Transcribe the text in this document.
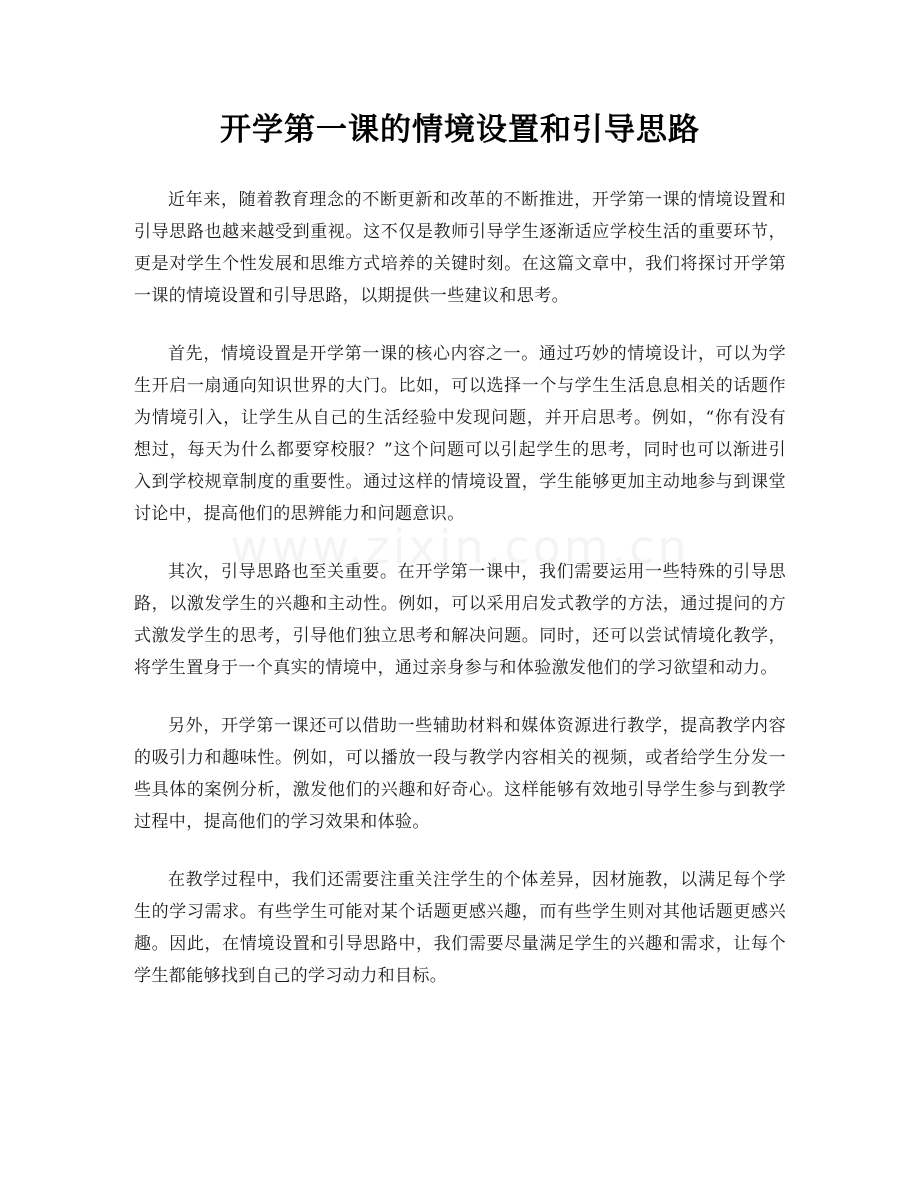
开学第一课的情境设置和引导思路

近年来，随着教育理念的不断更新和改革的不断推进，开学第一课的情境设置和引导思路也越来越受到重视。这不仅是教师引导学生逐渐适应学校生活的重要环节，更是对学生个性发展和思维方式培养的关键时刻。在这篇文章中，我们将探讨开学第一课的情境设置和引导思路，以期提供一些建议和思考。

首先，情境设置是开学第一课的核心内容之一。通过巧妙的情境设计，可以为学生开启一扇通向知识世界的大门。比如，可以选择一个与学生生活息息相关的话题作为情境引入，让学生从自己的生活经验中发现问题，并开启思考。例如，“你有没有想过，每天为什么都要穿校服？”这个问题可以引起学生的思考，同时也可以渐进引入到学校规章制度的重要性。通过这样的情境设置，学生能够更加主动地参与到课堂讨论中，提高他们的思辨能力和问题意识。

其次，引导思路也至关重要。在开学第一课中，我们需要运用一些特殊的引导思路，以激发学生的兴趣和主动性。例如，可以采用启发式教学的方法，通过提问的方式激发学生的思考，引导他们独立思考和解决问题。同时，还可以尝试情境化教学，将学生置身于一个真实的情境中，通过亲身参与和体验激发他们的学习欲望和动力。

另外，开学第一课还可以借助一些辅助材料和媒体资源进行教学，提高教学内容的吸引力和趣味性。例如，可以播放一段与教学内容相关的视频，或者给学生分发一些具体的案例分析，激发他们的兴趣和好奇心。这样能够有效地引导学生参与到教学过程中，提高他们的学习效果和体验。

在教学过程中，我们还需要注重关注学生的个体差异，因材施教，以满足每个学生的学习需求。有些学生可能对某个话题更感兴趣，而有些学生则对其他话题更感兴趣。因此，在情境设置和引导思路中，我们需要尽量满足学生的兴趣和需求，让每个学生都能够找到自己的学习动力和目标。
